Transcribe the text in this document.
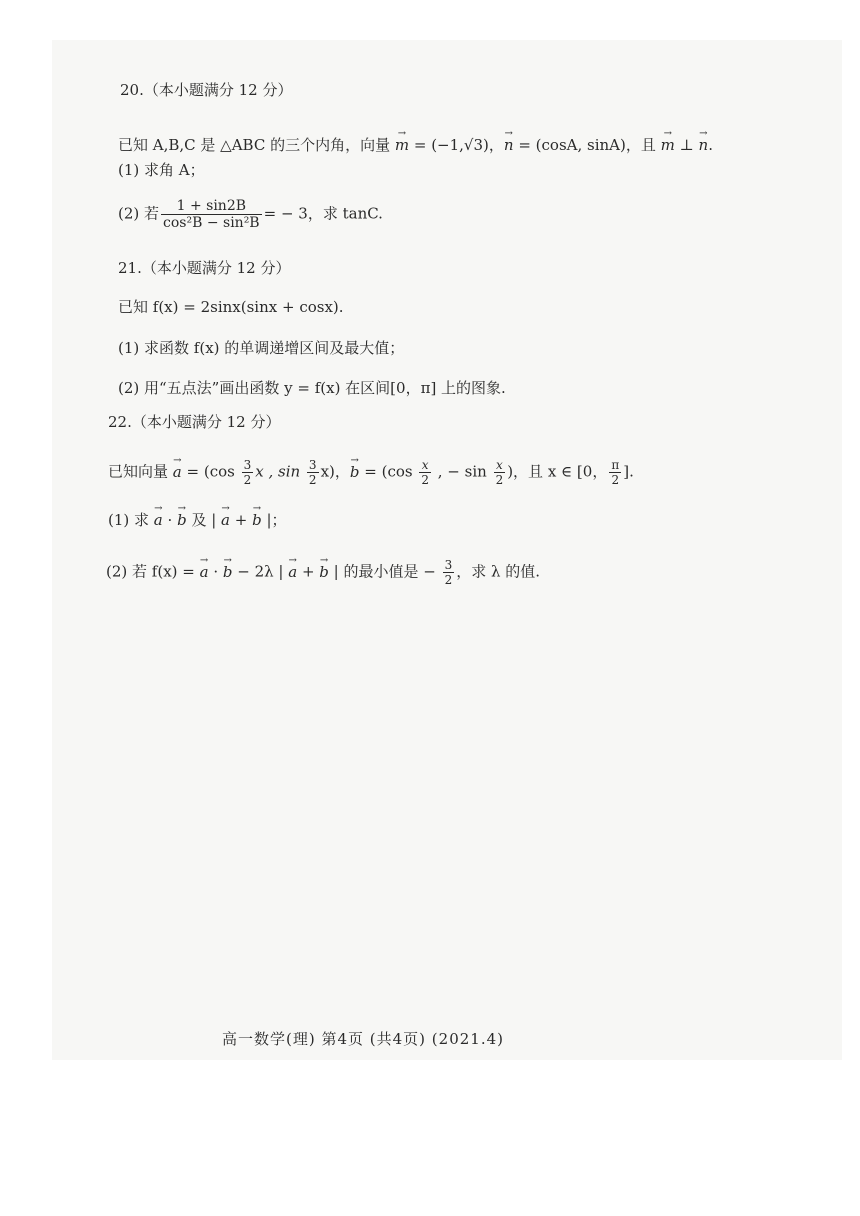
20.（本小题满分 12 分）
已知 A,B,C 是 △ABC 的三个内角，向量 → m = (−1,√3)，→ n = (cosA, sinA)，且 → m ⊥ → n.
(1) 求角 A；
(2) 若 $\frac{1 + \sin 2B}{\text{cos²B − sin²B}}$ = − 3，求 tanC.
21.（本小题满分 12 分）
已知 f(x) = 2sinx(sinx + cosx).
(1) 求函数 f(x) 的单调递增区间及最大值；
(2) 用“五点法”画出函数 y = f(x) 在区间[0，π] 上的图象.
22.（本小题满分 12 分）
已知向量 → $a = (\cos \frac{3}{2}$ x , $\sin \frac{3}{2} x$)，→ $b = (\cos \frac{x}{2}$ , − $\sin \frac{x}{2}$ )，且 x ∈ [0， $\frac{\pi}{2}$ ].
(1) 求 → a · → b 及 | → a + → b |；
(2) 若 f(x) = → a · → b − 2λ | → a + → b | 的最小值是 − $\frac{3}{2}$ ，求 λ 的值.
高一数学(理) 第4页 (共4页) (2021.4)
